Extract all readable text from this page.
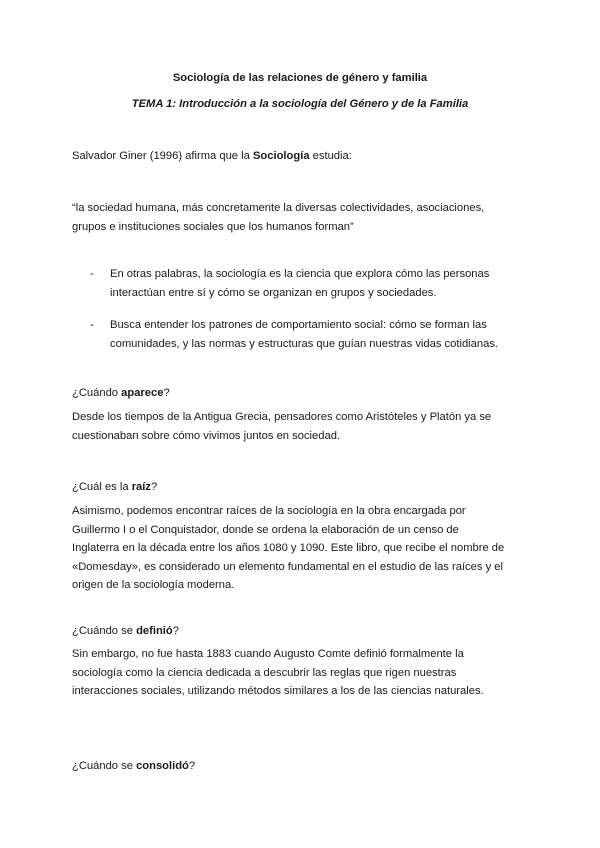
Sociología de las relaciones de género y familia
TEMA 1: Introducción a la sociología del Género y de la Familia
Salvador Giner (1996) afirma que la Sociología estudia:
“la sociedad humana, más concretamente la diversas colectividades, asociaciones,
grupos e instituciones sociales que los humanos forman”
- En otras palabras, la sociología es la ciencia que explora cómo las personas
interactúan entre sí y cómo se organizan en grupos y sociedades.
- Busca entender los patrones de comportamiento social: cómo se forman las
comunidades, y las normas y estructuras que guían nuestras vidas cotidianas.
¿Cuándo aparece?
Desde los tiempos de la Antigua Grecia, pensadores como Aristóteles y Platón ya se
cuestionaban sobre cómo vivimos juntos en sociedad.
¿Cuál es la raíz?
Asimismo, podemos encontrar raíces de la sociología en la obra encargada por
Guillermo I o el Conquistador, donde se ordena la elaboración de un censo de
Inglaterra en la década entre los años 1080 y 1090. Este libro, que recibe el nombre de
«Domesday», es considerado un elemento fundamental en el estudio de las raíces y el
origen de la sociología moderna.
¿Cuándo se definió?
Sin embargo, no fue hasta 1883 cuando Augusto Comte definió formalmente la
sociología como la ciencia dedicada a descubrir las reglas que rigen nuestras
interacciones sociales, utilizando métodos similares a los de las ciencias naturales.
¿Cuándo se consolidó?
